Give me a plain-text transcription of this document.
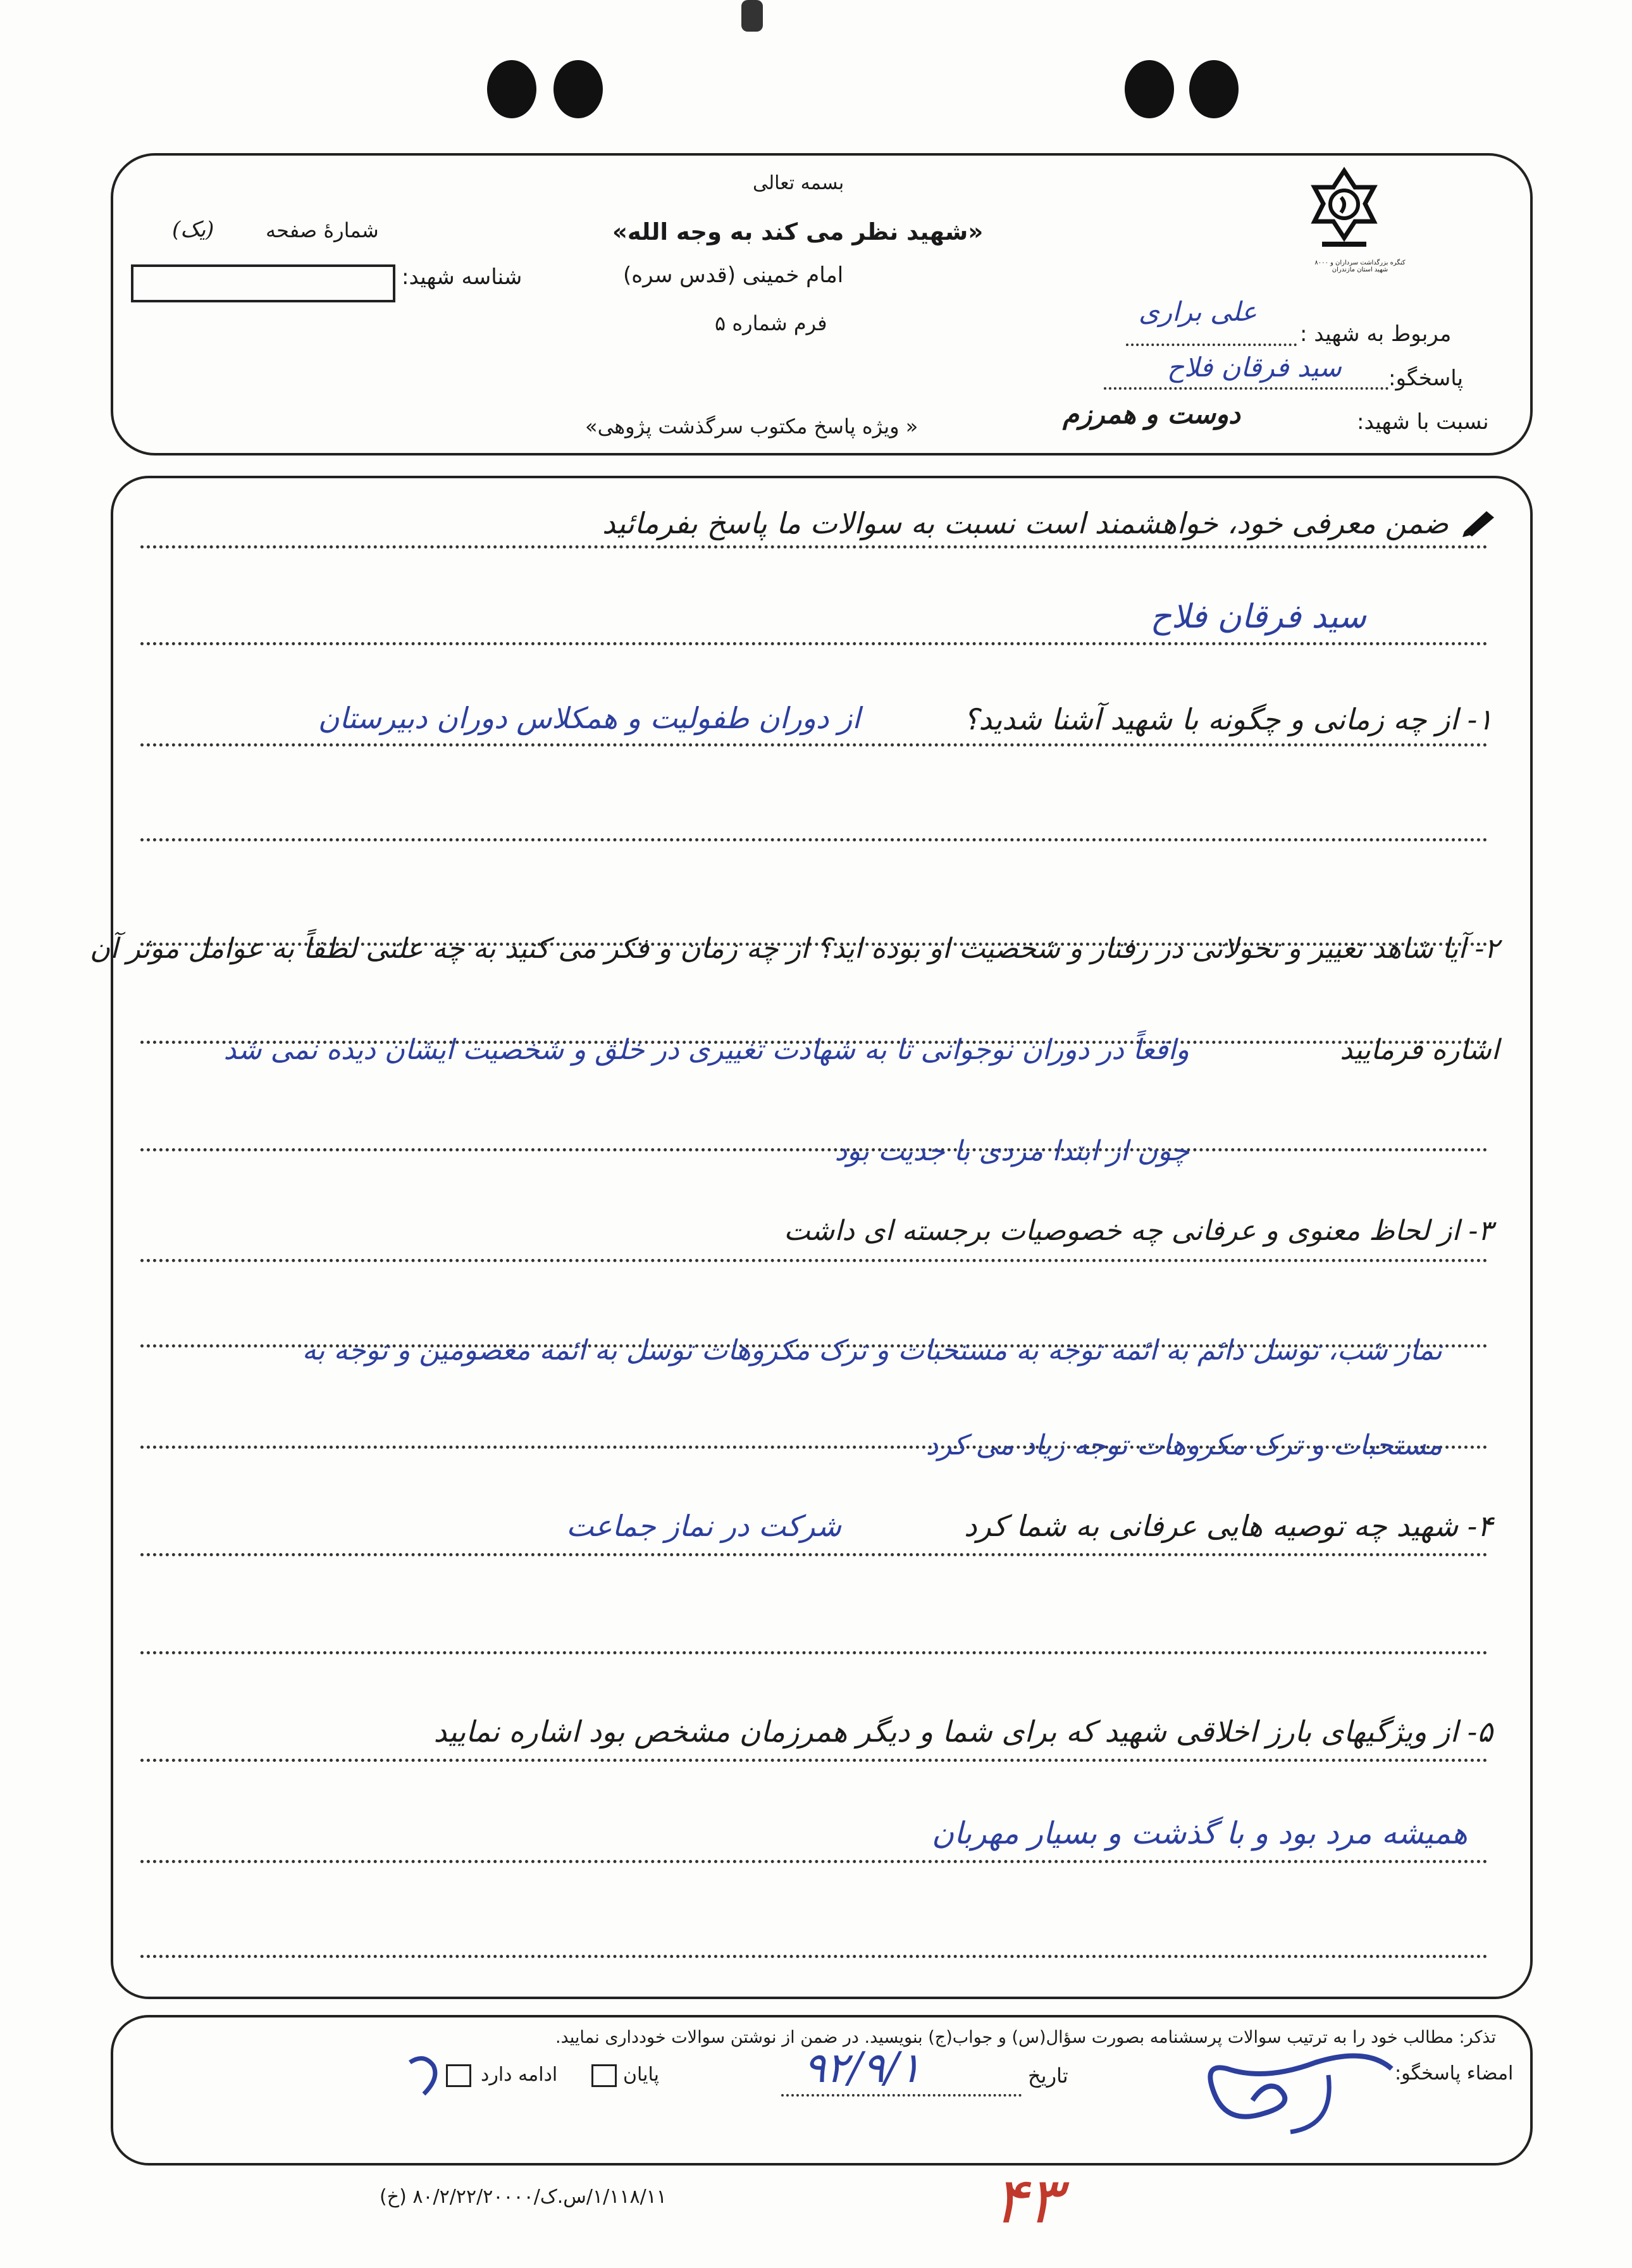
کنگره بزرگداشت سرداران و ۸۰۰۰ شهید استان مازندران
بسمه تعالی
«شهید نظر می کند به وجه الله»
امام خمینی (قدس سره)
فرم شماره ۵
شمارهٔ صفحه
(یک)
شناسه شهید:
مربوط به شهید :
علی براری
پاسخگو:
سید فرقان فلاح
نسبت با شهید:
دوست و همرزم
« ویژه پاسخ مکتوب سرگذشت پژوهی»
ضمن معرفی خود، خواهشمند است نسبت به سوالات ما پاسخ بفرمائید
سید فرقان فلاح
۱- از چه زمانی و چگونه با شهید آشنا شدید؟
از دوران طفولیت و همکلاس دوران دبیرستان
۲- آیا شاهد تغییر و تحولاتی در رفتار و شخصیت او بوده اید؟ از چه زمان و فکر می کنید به چه علتی لطفاً به عوامل موثر آن اشاره فرمایید
واقعاً در دوران نوجوانی تا به شهادت تغییری در خلق و شخصیت ایشان دیده نمی شد چون از ابتدا مردی با جدیت بود
۳- از لحاظ معنوی و عرفانی چه خصوصیات برجسته ای داشت
نماز شب، توسل دائم به ائمه توجه به مستحبات و ترک مکروهات توسل به ائمه معصومین و توجه به مستحبات و ترک مکروهات توجه زیاد می کرد
۴- شهید چه توصیه هایی عرفانی به شما کرد
شرکت در نماز جماعت
۵- از ویژگیهای بارز اخلاقی شهید که برای شما و دیگر همرزمان مشخص بود اشاره نمایید
همیشه مرد بود و با گذشت و بسیار مهربان
تذکر: مطالب خود را به ترتیب سوالات پرسشنامه بصورت سؤال(س) و جواب(ج) بنویسید. در ضمن از نوشتن سوالات خودداری نمایید.
امضاء پاسخگو:
تاریخ
۹۲/۹/۱
پایان
ادامه دارد
۱/۱۱۸/۱۱/س.ک/۸۰/۲/۲۲/۲۰۰۰۰ (خ)	۴۳
